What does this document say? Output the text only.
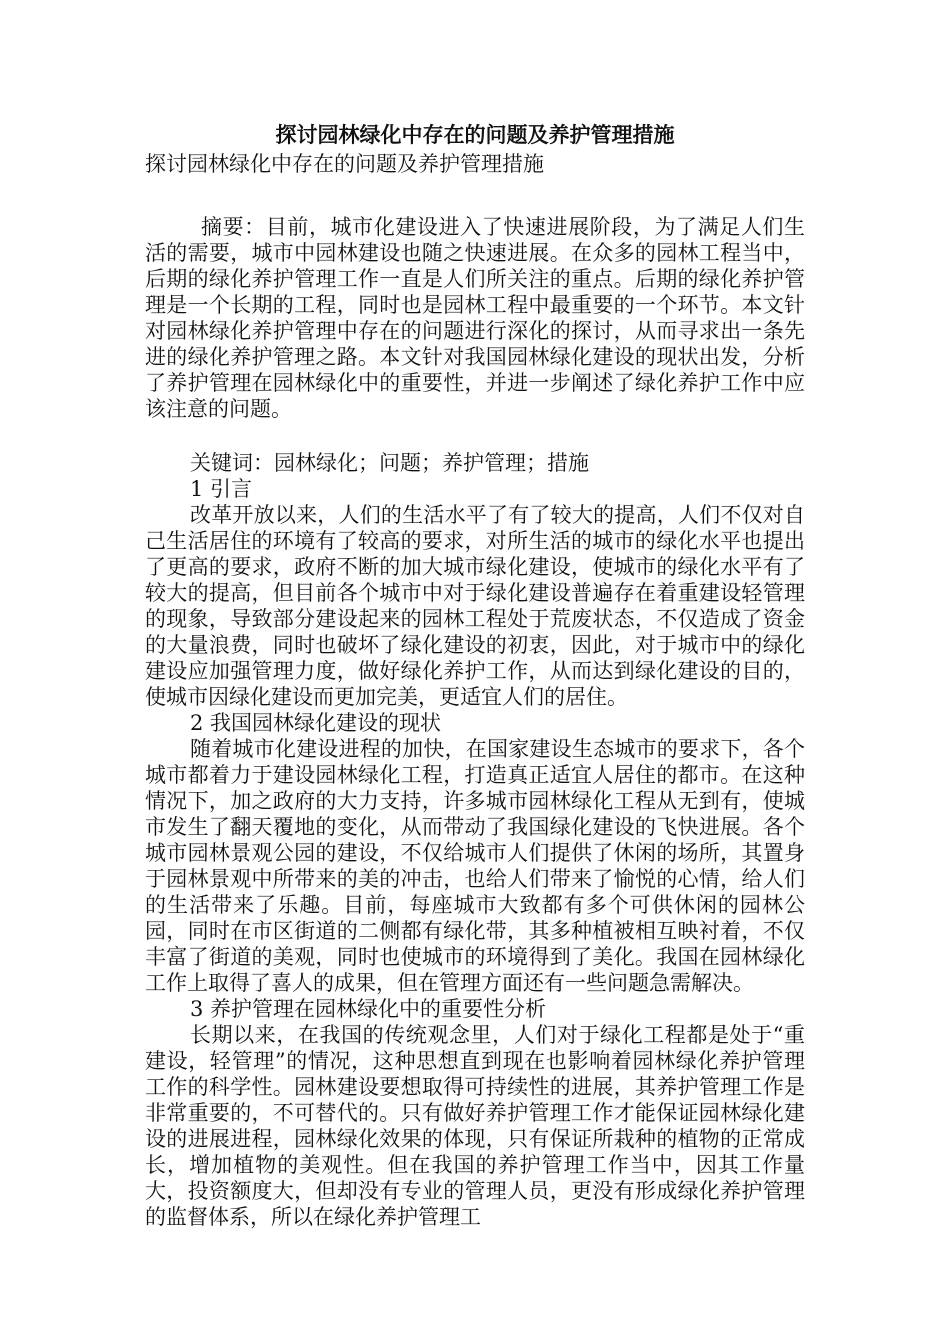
探讨园林绿化中存在的问题及养护管理措施
探讨园林绿化中存在的问题及养护管理措施

摘要：目前，城市化建设进入了快速进展阶段，为了满足人们生活的需要，城市中园林建设也随之快速进展。在众多的园林工程当中，后期的绿化养护管理工作一直是人们所关注的重点。后期的绿化养护管理是一个长期的工程，同时也是园林工程中最重要的一个环节。本文针对园林绿化养护管理中存在的问题进行深化的探讨，从而寻求出一条先进的绿化养护管理之路。本文针对我国园林绿化建设的现状出发，分析了养护管理在园林绿化中的重要性，并进一步阐述了绿化养护工作中应该注意的问题。

关键词：园林绿化；问题；养护管理；措施

1 引言

改革开放以来，人们的生活水平了有了较大的提高，人们不仅对自己生活居住的环境有了较高的要求，对所生活的城市的绿化水平也提出了更高的要求，政府不断的加大城市绿化建设，使城市的绿化水平有了较大的提高，但目前各个城市中对于绿化建设普遍存在着重建设轻管理的现象，导致部分建设起来的园林工程处于荒废状态，不仅造成了资金的大量浪费，同时也破坏了绿化建设的初衷，因此，对于城市中的绿化建设应加强管理力度，做好绿化养护工作，从而达到绿化建设的目的，使城市因绿化建设而更加完美，更适宜人们的居住。

2 我国园林绿化建设的现状

随着城市化建设进程的加快，在国家建设生态城市的要求下，各个城市都着力于建设园林绿化工程，打造真正适宜人居住的都市。在这种情况下，加之政府的大力支持，许多城市园林绿化工程从无到有，使城市发生了翻天覆地的变化，从而带动了我国绿化建设的飞快进展。各个城市园林景观公园的建设，不仅给城市人们提供了休闲的场所，其置身于园林景观中所带来的美的冲击，也给人们带来了愉悦的心情，给人们的生活带来了乐趣。目前，每座城市大致都有多个可供休闲的园林公园，同时在市区街道的二侧都有绿化带，其多种植被相互映衬着，不仅丰富了街道的美观，同时也使城市的环境得到了美化。我国在园林绿化工作上取得了喜人的成果，但在管理方面还有一些问题急需解决。

3 养护管理在园林绿化中的重要性分析

长期以来，在我国的传统观念里，人们对于绿化工程都是处于“重建设，轻管理”的情况，这种思想直到现在也影响着园林绿化养护管理工作的科学性。园林建设要想取得可持续性的进展，其养护管理工作是非常重要的，不可替代的。只有做好养护管理工作才能保证园林绿化建设的进展进程，园林绿化效果的体现，只有保证所栽种的植物的正常成长，增加植物的美观性。但在我国的养护管理工作当中，因其工作量大，投资额度大，但却没有专业的管理人员，更没有形成绿化养护管理的监督体系，所以在绿化养护管理工
